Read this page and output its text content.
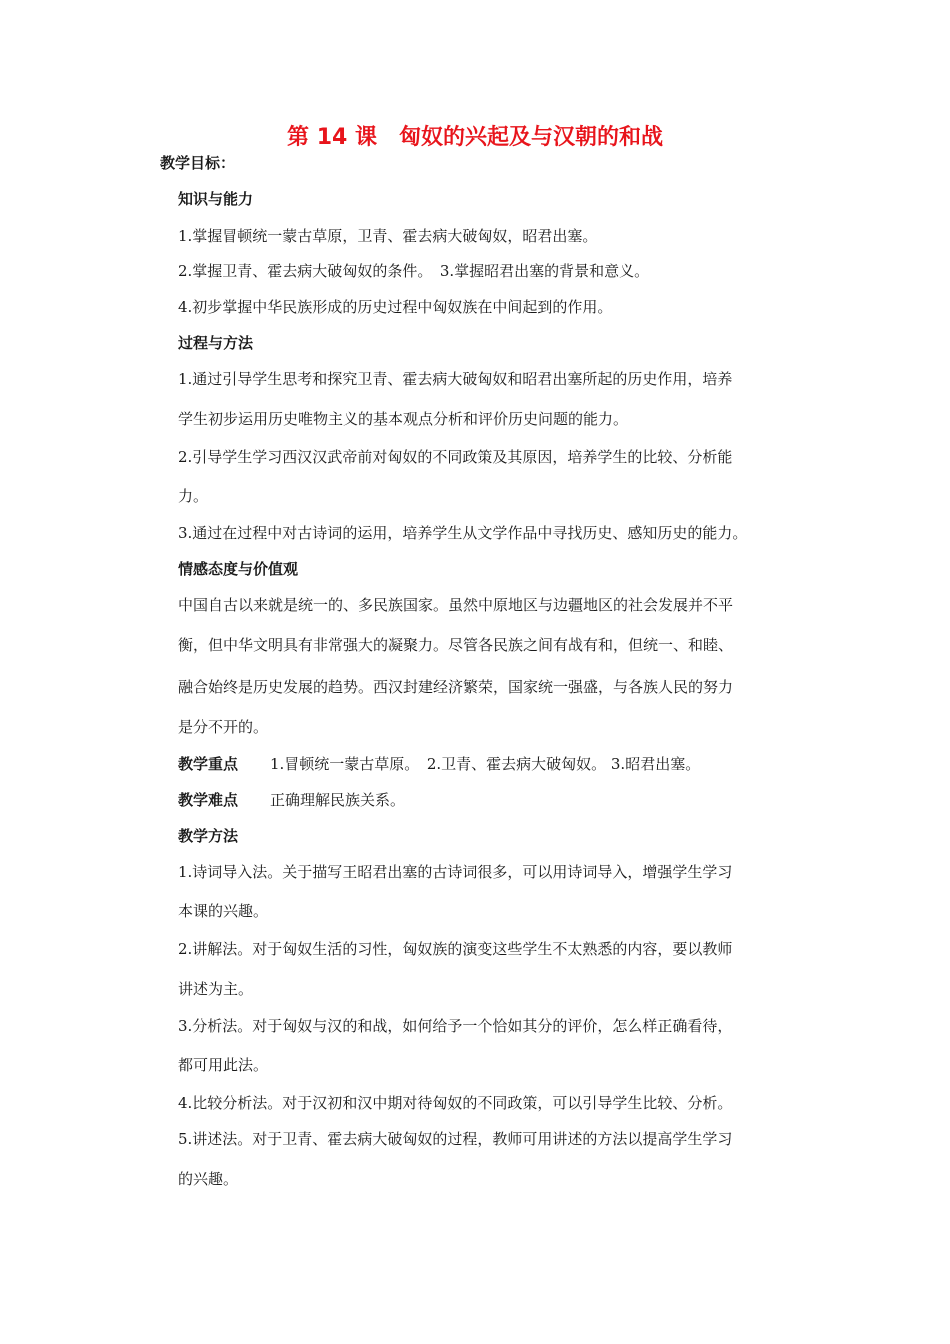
第 14 课　匈奴的兴起及与汉朝的和战
教学目标：
知识与能力
1.掌握冒顿统一蒙古草原，卫青、霍去病大破匈奴，昭君出塞。
2.掌握卫青、霍去病大破匈奴的条件。　3.掌握昭君出塞的背景和意义。
4.初步掌握中华民族形成的历史过程中匈奴族在中间起到的作用。
过程与方法
1.通过引导学生思考和探究卫青、霍去病大破匈奴和昭君出塞所起的历史作用，培养
学生初步运用历史唯物主义的基本观点分析和评价历史问题的能力。
2.引导学生学习西汉汉武帝前对匈奴的不同政策及其原因，培养学生的比较、分析能
力。
3.通过在过程中对古诗词的运用，培养学生从文学作品中寻找历史、感知历史的能力。
情感态度与价值观
中国自古以来就是统一的、多民族国家。虽然中原地区与边疆地区的社会发展并不平
衡，但中华文明具有非常强大的凝聚力。尽管各民族之间有战有和，但统一、和睦、
融合始终是历史发展的趋势。西汉封建经济繁荣，国家统一强盛，与各族人民的努力
是分不开的。
教学重点 1.冒顿统一蒙古草原。　2.卫青、霍去病大破匈奴。 3.昭君出塞。
教学难点 正确理解民族关系。
教学方法
1.诗词导入法。关于描写王昭君出塞的古诗词很多，可以用诗词导入，增强学生学习
本课的兴趣。
2.讲解法。对于匈奴生活的习性，匈奴族的演变这些学生不太熟悉的内容，要以教师
讲述为主。
3.分析法。对于匈奴与汉的和战，如何给予一个恰如其分的评价，怎么样正确看待，
都可用此法。
4.比较分析法。对于汉初和汉中期对待匈奴的不同政策，可以引导学生比较、分析。
5.讲述法。对于卫青、霍去病大破匈奴的过程，教师可用讲述的方法以提高学生学习
的兴趣。
